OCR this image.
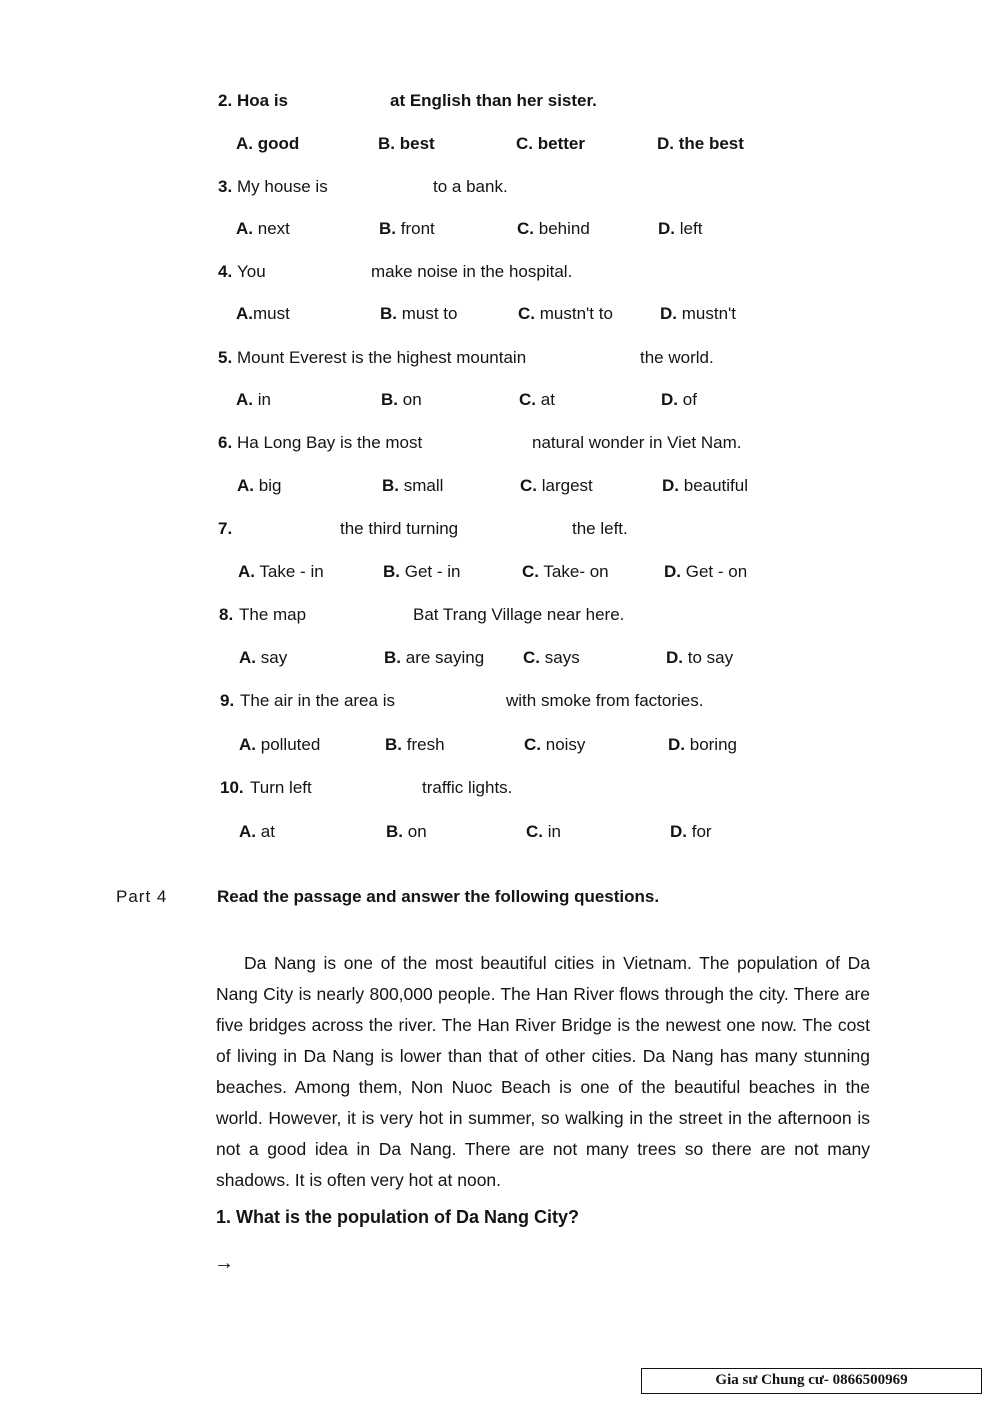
2. Hoa is	at English than her sister.
A. good	B. best	C. better	D. the best
3. My house is	to a bank.
A. next	B. front	C. behind	D. left
4. You	make noise in the hospital.
A.must	B. must to	C. mustn't to	D. mustn't
5. Mount Everest is the highest mountain	the world.
A. in	B. on	C. at	D. of
6. Ha Long Bay is the most	natural wonder in Viet Nam.
A. big	B. small	C. largest	D. beautiful
7.	the third turning	the left.
A. Take - in	B. Get - in	C. Take- on	D. Get - on
8. The map	Bat Trang Village near here.
A. say	B. are saying C. says	D. to say
9. The air in the area is	with smoke from factories.
A. polluted	B. fresh	C. noisy	D. boring
10. Turn left	traffic lights.
A. at	B. on	C. in	D. for
Part 4	Read the passage and answer the following questions.

Da Nang is one of the most beautiful cities in Vietnam. The population of Da Nang City is nearly 800,000 people. The Han River flows through the city. There are five bridges across the river. The Han River Bridge is the newest one now. The cost of living in Da Nang is lower than that of other cities. Da Nang has many stunning beaches. Among them, Non Nuoc Beach is one of the beautiful beaches in the world. However, it is very hot in summer, so walking in the street in the afternoon is not a good idea in Da Nang. There are not many trees so there are not many shadows. It is often very hot at noon.

1. What is the population of Da Nang City?
→
Gia sư Chung cư- 0866500969
